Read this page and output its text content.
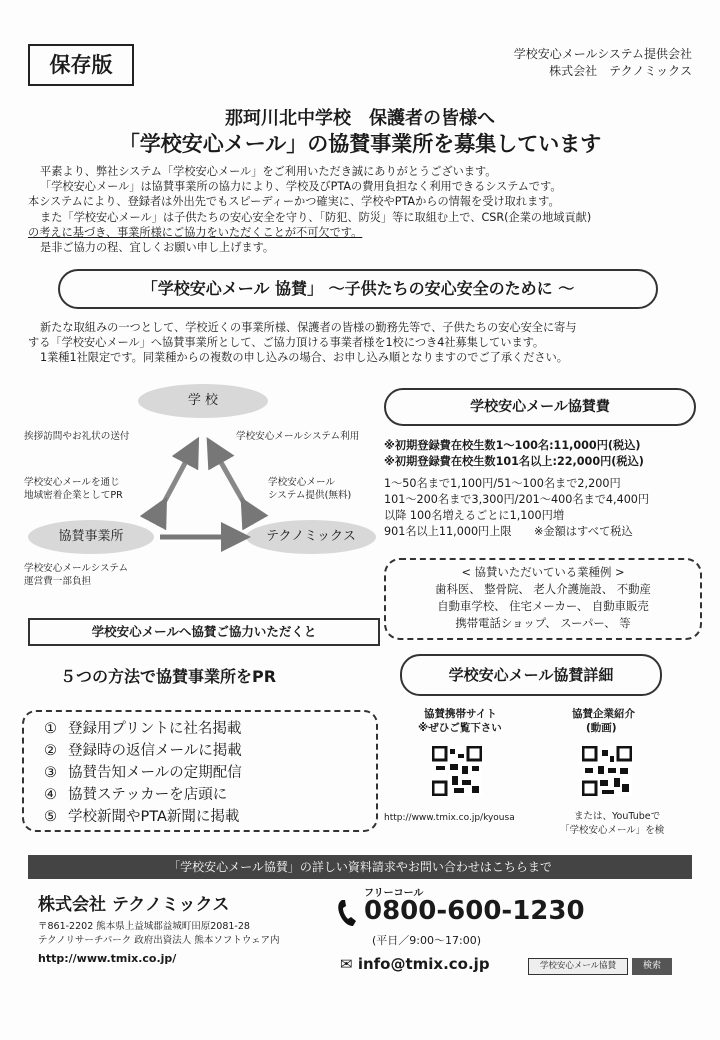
保存版	学校安心メールシステム提供会社
株式会社　テクノミックス
那珂川北中学校　保護者の皆様へ
「学校安心メール」の協賛事業所を募集しています

平素より、弊社システム「学校安心メール」をご利用いただき誠にありがとうございます。

「学校安心メール」は協賛事業所の協力により、学校及びPTAの費用負担なく利用できるシステムです。

本システムにより、登録者は外出先でもスピーディーかつ確実に、学校やPTAからの情報を受け取れます。

また「学校安心メール」は子供たちの安心安全を守り、「防犯、防災」等に取組む上で、CSR(企業の地域貢献)

の考えに基づき、事業所様にご協力をいただくことが不可欠です。

是非ご協力の程、宜しくお願い申し上げます。

「学校安心メール 協賛」 ～子供たちの安心安全のために ～

新たな取組みの一つとして、学校近くの事業所様、保護者の皆様の勤務先等で、子供たちの安心安全に寄与

する「学校安心メール」へ協賛事業所として、ご協力頂ける事業者様を1校につき4社募集しています。

1業種1社限定です。同業種からの複数の申し込みの場合、お申し込み順となりますのでご了承ください。

学 校
協賛事業所	テクノミックス
挨拶訪問やお礼状の送付	学校安心メールシステム利用
学校安心メールを通じ
地域密着企業としてPR
学校安心メール
システム提供(無料)
学校安心メールシステム
運営費一部負担
学校安心メール協賛費
※初期登録費在校生数1～100名:11,000円(税込)
※初期登録費在校生数101名以上:22,000円(税込)
1～50名まで1,100円/51～100名まで2,200円
101～200名まで3,300円/201～400名まで4,400円
以降 100名増えるごとに1,100円増
901名以上11,000円上限　　 ※金額はすべて税込
< 協賛いただいている業種例 >
歯科医、 整骨院、 老人介護施設、 不動産
自動車学校、 住宅メーカー、 自動車販売
携帯電話ショップ、 スーパー、 等
学校安心メールへ協賛ご協力いただくと
５つの方法で協賛事業所をPR
① 登録用プリントに社名掲載
② 登録時の返信メールに掲載
③ 協賛告知メールの定期配信
④ 協賛ステッカーを店頭に
⑤ 学校新聞やPTA新聞に掲載
学校安心メール協賛詳細
協賛携帯サイト
※ぜひご覧下さい
協賛企業紹介
(動画)
http://www.tmix.co.jp/kyousa	または、YouTubeで
「学校安心メール」を検
「学校安心メール協賛」の詳しい資料請求やお問い合わせはこちらまで
株式会社 テクノミックス
〒861-2202 熊本県上益城郡益城町田原2081-28
テクノリサーチパーク 政府出資法人 熊本ソフトウェア内
http://www.tmix.co.jp/
フリーコール
0800-600-1230
(平日／9:00～17:00)
✉ info@tmix.co.jp	学校安心メール協賛	検索
